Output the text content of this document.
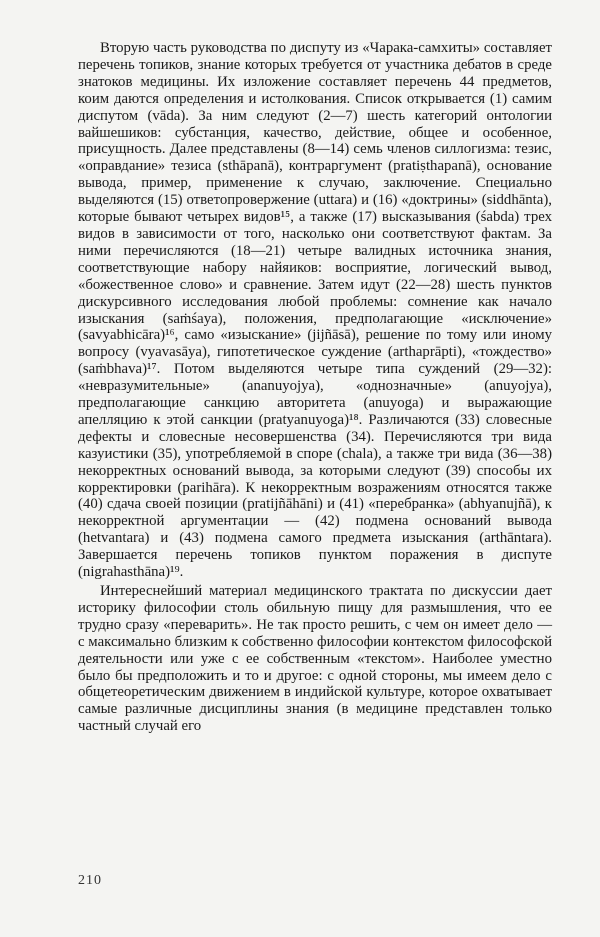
Вторую часть руководства по диспуту из «Чарака-самхиты» составляет перечень топиков, знание которых требуется от участника дебатов в среде знатоков медицины. Их изложение составляет перечень 44 предметов, коим даются определения и истолкования. Список открывается (1) самим диспутом (vāda). За ним следуют (2—7) шесть категорий онтологии вайшешиков: субстанция, качество, действие, общее и особенное, присущность. Далее представлены (8—14) семь членов силлогизма: тезис, «оправдание» тезиса (sthāpanā), контраргумент (pratiṣthapanā), основание вывода, пример, применение к случаю, заключение. Специально выделяются (15) ответопровержение (uttara) и (16) «доктрины» (siddhānta), которые бывают четырех видов¹⁵, а также (17) высказывания (śabda) трех видов в зависимости от того, насколько они соответствуют фактам. За ними перечисляются (18—21) четыре валидных источника знания, соответствующие набору найяиков: восприятие, логический вывод, «божественное слово» и сравнение. Затем идут (22—28) шесть пунктов дискурсивного исследования любой проблемы: сомнение как начало изыскания (saṁśaya), положения, предполагающие «исключение» (savyabhicāra)¹⁶, само «изыскание» (jijñāsā), решение по тому или иному вопросу (vyavasāya), гипотетическое суждение (arthaprāpti), «тождество» (saṁbhava)¹⁷. Потом выделяются четыре типа суждений (29—32): «невразумительные» (ananuyojya), «однозначные» (anuyojya), предполагающие санкцию авторитета (anuyoga) и выражающие апелляцию к этой санкции (pratyanuyoga)¹⁸. Различаются (33) словесные дефекты и словесные несовершенства (34). Перечисляются три вида казуистики (35), употребляемой в споре (chala), а также три вида (36—38) некорректных оснований вывода, за которыми следуют (39) способы их корректировки (parihāra). К некорректным возражениям относятся также (40) сдача своей позиции (pratijñāhāni) и (41) «перебранка» (abhyanujñā), к некорректной аргументации — (42) подмена оснований вывода (hetvantara) и (43) подмена самого предмета изыскания (arthāntara). Завершается перечень топиков пунктом поражения в диспуте (nigrahasthāna)¹⁹.

Интереснейший материал медицинского трактата по дискуссии дает историку философии столь обильную пищу для размышления, что ее трудно сразу «переварить». Не так просто решить, с чем он имеет дело — с максимально близким к собственно философии контекстом философской деятельности или уже с ее собственным «текстом». Наиболее уместно было бы предположить и то и другое: с одной стороны, мы имеем дело с общетеоретическим движением в индийской культуре, которое охватывает самые различные дисциплины знания (в медицине представлен только частный случай его

210
